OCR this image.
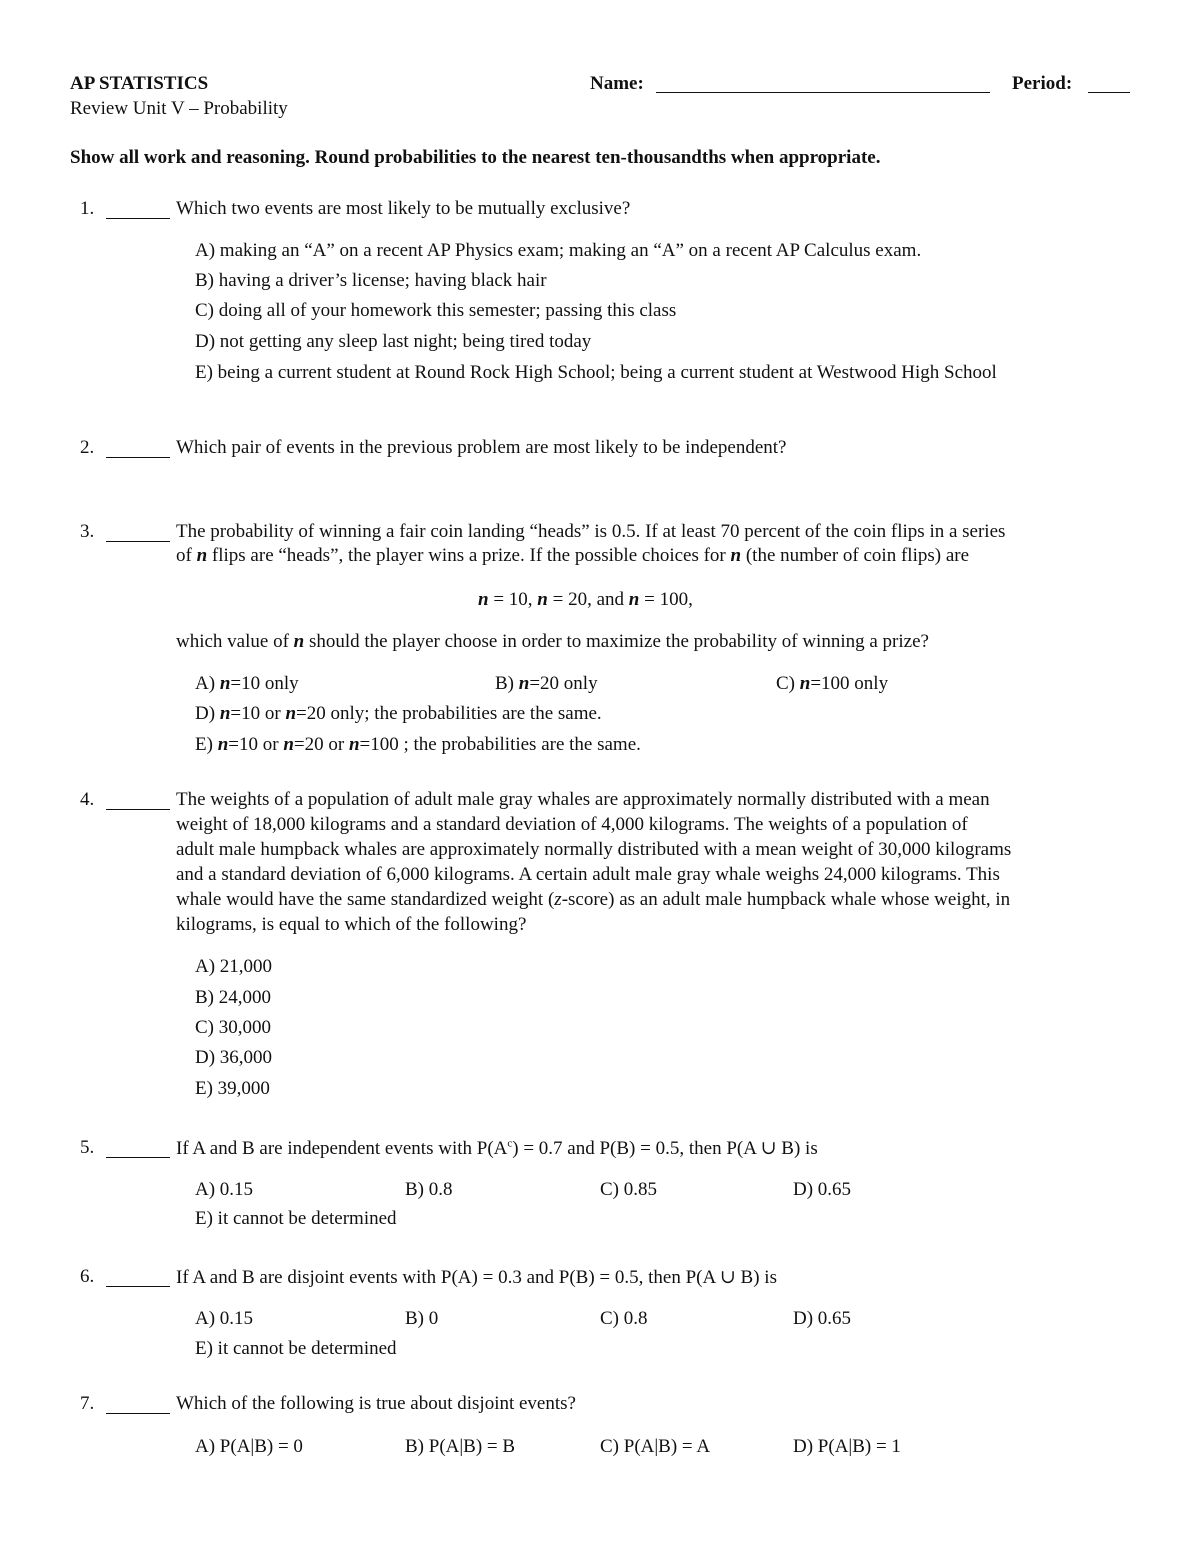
AP STATISTICS
Review Unit V – Probability
Name:	Period:
Show all work and reasoning. Round probabilities to the nearest ten-thousandths when appropriate.
1.	Which two events are most likely to be mutually exclusive?
A) making an “A” on a recent AP Physics exam; making an “A” on a recent AP Calculus exam.
B) having a driver’s license; having black hair
C) doing all of your homework this semester; passing this class
D) not getting any sleep last night; being tired today
E) being a current student at Round Rock High School; being a current student at Westwood High School
2.	Which pair of events in the previous problem are most likely to be independent?
3.	The probability of winning a fair coin landing “heads” is 0.5. If at least 70 percent of the coin flips in a series
of n flips are “heads”, the player wins a prize. If the possible choices for n (the number of coin flips) are
n = 10, n = 20, and n = 100,
which value of n should the player choose in order to maximize the probability of winning a prize?
A) n=10 only	B) n=20 only	C) n=100 only
D) n=10 or n=20 only; the probabilities are the same.
E) n=10 or n=20 or n=100 ; the probabilities are the same.
4.	The weights of a population of adult male gray whales are approximately normally distributed with a mean
weight of 18,000 kilograms and a standard deviation of 4,000 kilograms. The weights of a population of
adult male humpback whales are approximately normally distributed with a mean weight of 30,000 kilograms
and a standard deviation of 6,000 kilograms. A certain adult male gray whale weighs 24,000 kilograms. This
whale would have the same standardized weight (z-score) as an adult male humpback whale whose weight, in
kilograms, is equal to which of the following?
A) 21,000
B) 24,000
C) 30,000
D) 36,000
E) 39,000
5.	If A and B are independent events with $P(A^c) = 0.7$ and P(B) = 0.5, then P(A ∪ B) is
A) 0.15	B) 0.8	C) 0.85	D) 0.65
E) it cannot be determined
6.	If A and B are disjoint events with P(A) = 0.3 and P(B) = 0.5, then P(A ∪ B) is
A) 0.15	B) 0	C) 0.8	D) 0.65
E) it cannot be determined
7.	Which of the following is true about disjoint events?
A) P(A|B) = 0	B) P(A|B) = B	C) P(A|B) = A	D) P(A|B) = 1
